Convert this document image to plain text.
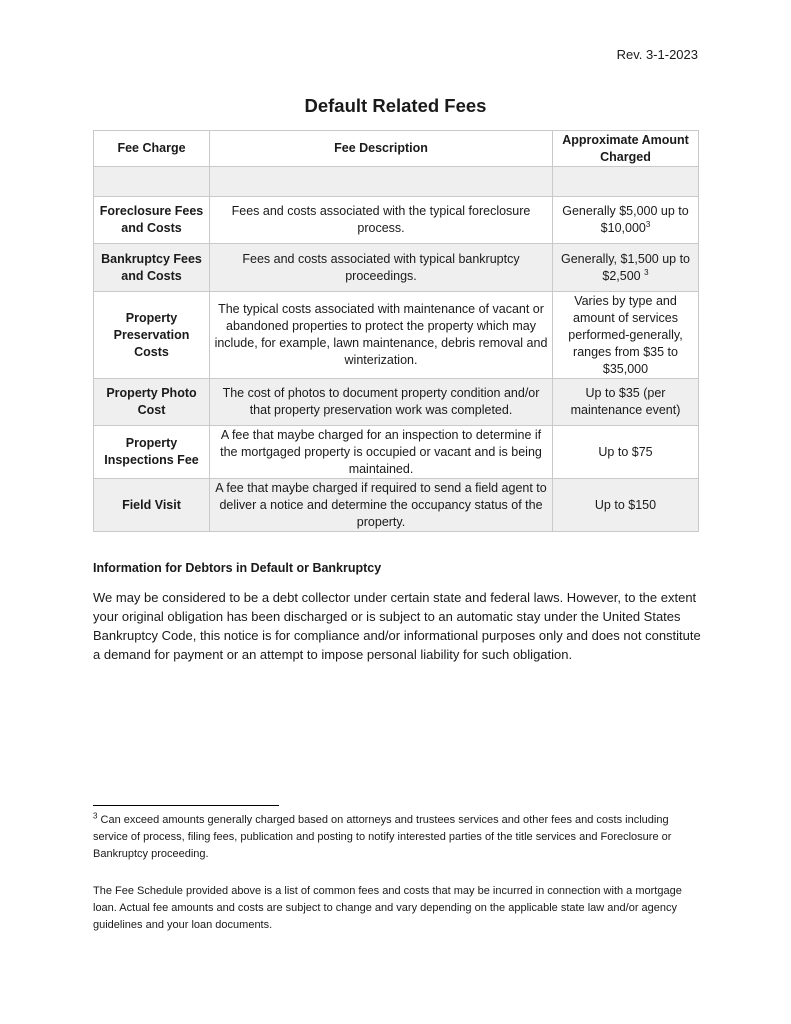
Rev. 3-1-2023
Default Related Fees
Fee Charge	Fee Description	Approximate Amount Charged

Foreclosure Fees and Costs	Fees and costs associated with the typical foreclosure process.	Generally $5,000 up to $10,000$^3$
Bankruptcy Fees and Costs	Fees and costs associated with typical bankruptcy proceedings.	Generally, $1,500 up to $2,500 $^3$
Property Preservation Costs	The typical costs associated with maintenance of vacant or abandoned properties to protect the property which may include, for example, lawn maintenance, debris removal and winterization.	Varies by type and amount of services performed-generally, ranges from $35 to $35,000
Property Photo Cost	The cost of photos to document property condition and/or that property preservation work was completed.	Up to $35 (per maintenance event)
Property Inspections Fee	A fee that maybe charged for an inspection to determine if the mortgaged property is occupied or vacant and is being maintained.	Up to $75
Field Visit	A fee that maybe charged if required to send a field agent to deliver a notice and determine the occupancy status of the property.	Up to $150
Information for Debtors in Default or Bankruptcy
We may be considered to be a debt collector under certain state and federal laws. However, to the extent your original obligation has been discharged or is subject to an automatic stay under the United States Bankruptcy Code, this notice is for compliance and/or informational purposes only and does not constitute a demand for payment or an attempt to impose personal liability for such obligation.
$^3$ Can exceed amounts generally charged based on attorneys and trustees services and other fees and costs including service of process, filing fees, publication and posting to notify interested parties of the title services and Foreclosure or Bankruptcy proceeding.
The Fee Schedule provided above is a list of common fees and costs that may be incurred in connection with a mortgage loan. Actual fee amounts and costs are subject to change and vary depending on the applicable state law and/or agency guidelines and your loan documents.
